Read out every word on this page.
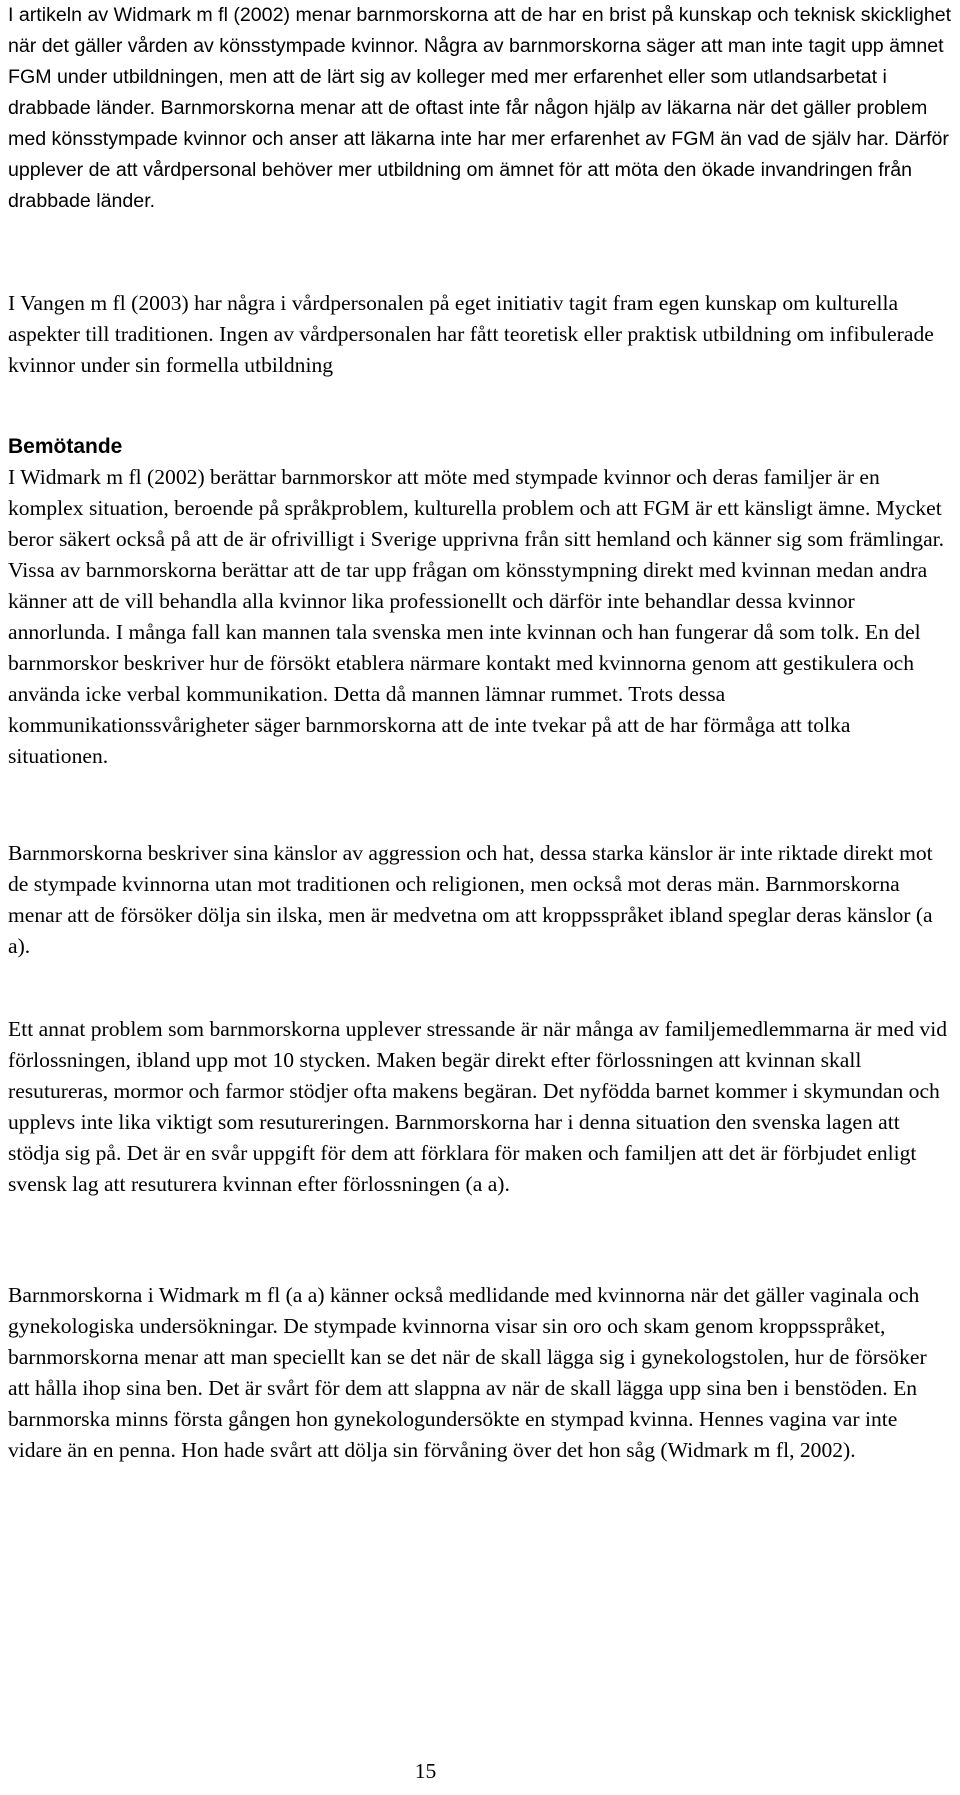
I artikeln av Widmark m fl (2002) menar barnmorskorna att de har en brist på kunskap och teknisk skicklighet när det gäller vården av könsstympade kvinnor. Några av barnmorskorna säger att man inte tagit upp ämnet FGM under utbildningen, men att de lärt sig av kolleger med mer erfarenhet eller som utlandsarbetat i drabbade länder. Barnmorskorna menar att de oftast inte får någon hjälp av läkarna när det gäller problem med könsstympade kvinnor och anser att läkarna inte har mer erfarenhet av FGM än vad de själv har. Därför upplever de att vårdpersonal behöver mer utbildning om ämnet för att möta den ökade invandringen från drabbade länder.

I Vangen m fl (2003) har några i vårdpersonalen på eget initiativ tagit fram egen kunskap om kulturella aspekter till traditionen. Ingen av vårdpersonalen har fått teoretisk eller praktisk utbildning om infibulerade kvinnor under sin formella utbildning

Bemötande

I Widmark m fl (2002) berättar barnmorskor att möte med stympade kvinnor och deras familjer är en komplex situation, beroende på språkproblem, kulturella problem och att FGM är ett känsligt ämne. Mycket beror säkert också på att de är ofrivilligt i Sverige upprivna från sitt hemland och känner sig som främlingar. Vissa av barnmorskorna berättar att de tar upp frågan om könsstympning direkt med kvinnan medan andra känner att de vill behandla alla kvinnor lika professionellt och därför inte behandlar dessa kvinnor annorlunda. I många fall kan mannen tala svenska men inte kvinnan och han fungerar då som tolk. En del barnmorskor beskriver hur de försökt etablera närmare kontakt med kvinnorna genom att gestikulera och använda icke verbal kommunikation. Detta då mannen lämnar rummet. Trots dessa kommunikationssvårigheter säger barnmorskorna att de inte tvekar på att de har förmåga att tolka situationen.

Barnmorskorna beskriver sina känslor av aggression och hat, dessa starka känslor är inte riktade direkt mot de stympade kvinnorna utan mot traditionen och religionen, men också mot deras män. Barnmorskorna menar att de försöker dölja sin ilska, men är medvetna om att kroppsspråket ibland speglar deras känslor (a a).

Ett annat problem som barnmorskorna upplever stressande är när många av familjemedlemmarna är med vid förlossningen, ibland upp mot 10 stycken. Maken begär direkt efter förlossningen att kvinnan skall resutureras, mormor och farmor stödjer ofta makens begäran. Det nyfödda barnet kommer i skymundan och upplevs inte lika viktigt som resutureringen. Barnmorskorna har i denna situation den svenska lagen att stödja sig på. Det är en svår uppgift för dem att förklara för maken och familjen att det är förbjudet enligt svensk lag att resuturera kvinnan efter förlossningen (a a).

Barnmorskorna i Widmark m fl (a a) känner också medlidande med kvinnorna när det gäller vaginala och gynekologiska undersökningar. De stympade kvinnorna visar sin oro och skam genom kroppsspråket, barnmorskorna menar att man speciellt kan se det när de skall lägga sig i gynekologstolen, hur de försöker att hålla ihop sina ben. Det är svårt för dem att slappna av när de skall lägga upp sina ben i benstöden. En barnmorska minns första gången hon gynekologundersökte en stympad kvinna. Hennes vagina var inte vidare än en penna. Hon hade svårt att dölja sin förvåning över det hon såg (Widmark m fl, 2002).

15
